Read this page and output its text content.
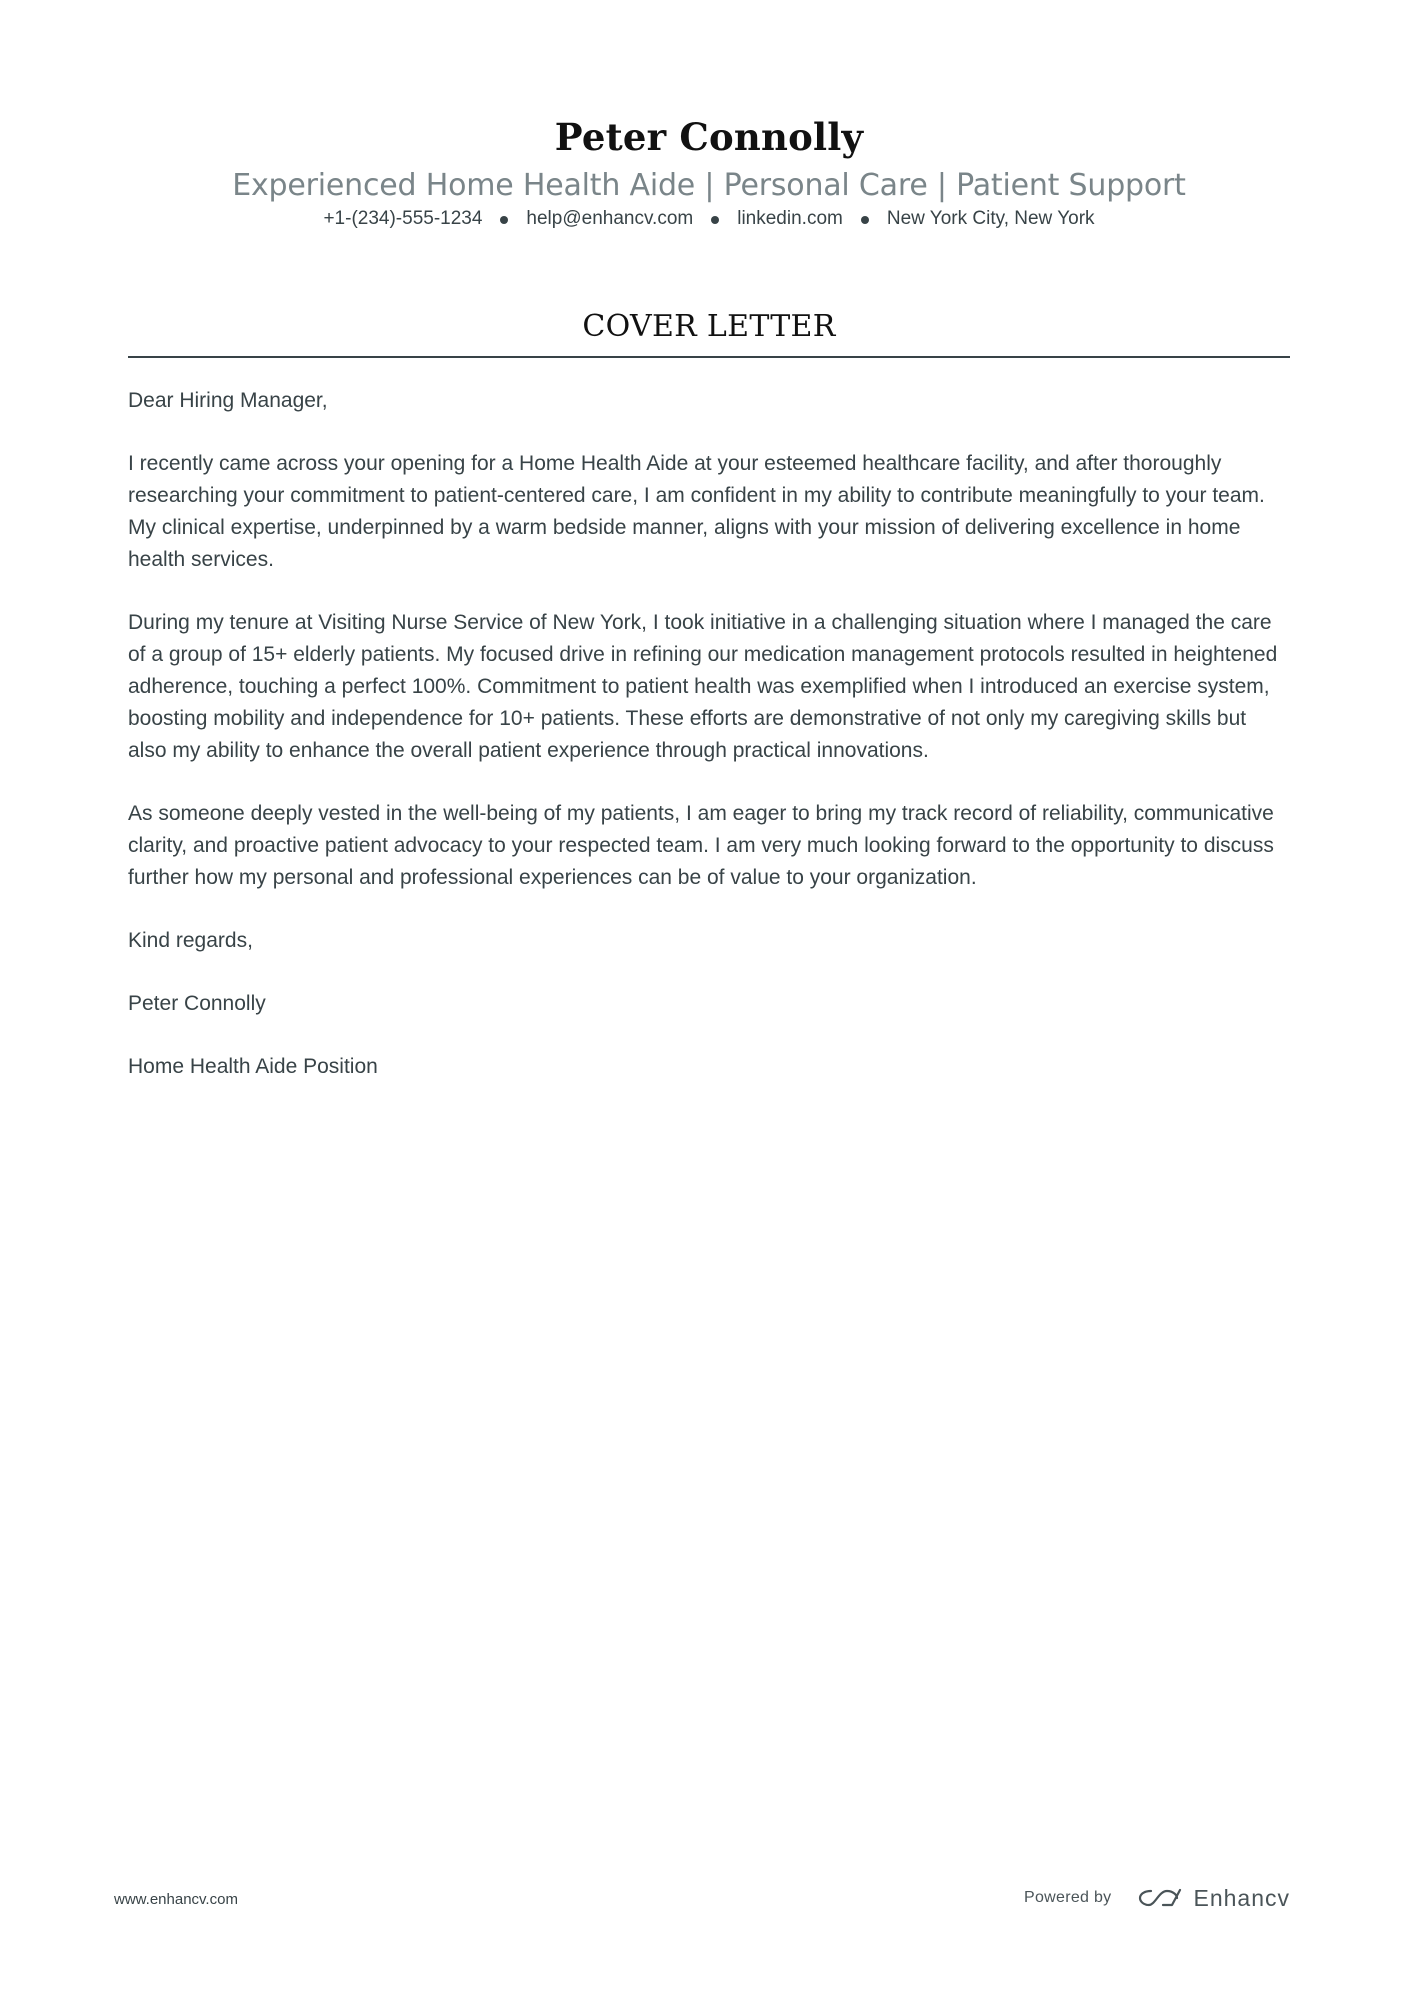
Peter Connolly

Experienced Home Health Aide | Personal Care | Patient Support

+1-(234)-555-1234 help@enhancv.com linkedin.com New York City, New York
COVER LETTER

Dear Hiring Manager,

I recently came across your opening for a Home Health Aide at your esteemed healthcare facility, and after thoroughly researching your commitment to patient-centered care, I am confident in my ability to contribute meaningfully to your team. My clinical expertise, underpinned by a warm bedside manner, aligns with your mission of delivering excellence in home health services.

During my tenure at Visiting Nurse Service of New York, I took initiative in a challenging situation where I managed the care of a group of 15+ elderly patients. My focused drive in refining our medication management protocols resulted in heightened adherence, touching a perfect 100%. Commitment to patient health was exemplified when I introduced an exercise system, boosting mobility and independence for 10+ patients. These efforts are demonstrative of not only my caregiving skills but also my ability to enhance the overall patient experience through practical innovations.

As someone deeply vested in the well-being of my patients, I am eager to bring my track record of reliability, communicative clarity, and proactive patient advocacy to your respected team. I am very much looking forward to the opportunity to discuss further how my personal and professional experiences can be of value to your organization.

Kind regards,

Peter Connolly

Home Health Aide Position

www.enhancv.com	Powered by	Enhancv
